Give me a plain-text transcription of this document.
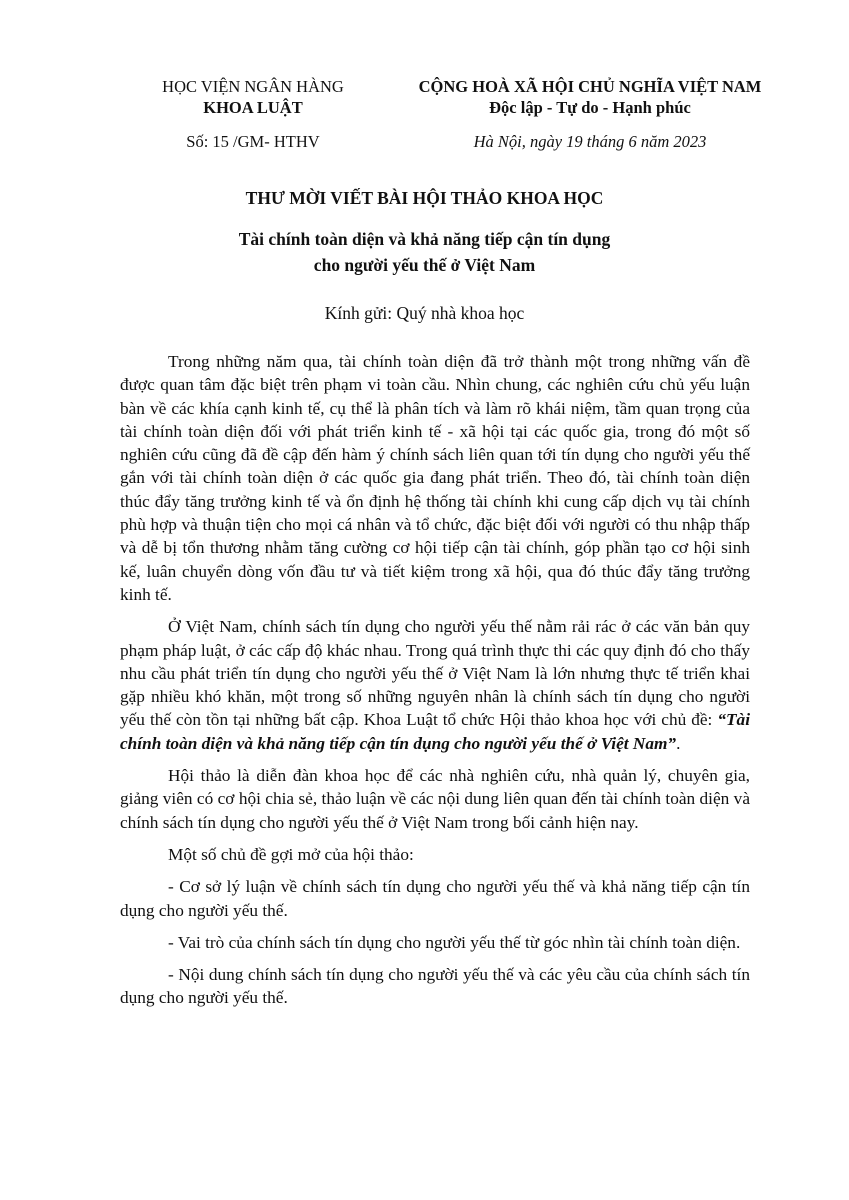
HỌC VIỆN NGÂN HÀNG
KHOA LUẬT
Số: 15 /GM- HTHV
CỘNG HOÀ XÃ HỘI CHỦ NGHĨA VIỆT NAM
Độc lập - Tự do - Hạnh phúc
Hà Nội, ngày 19 tháng 6 năm 2023
THƯ MỜI VIẾT BÀI HỘI THẢO KHOA HỌC
Tài chính toàn diện và khả năng tiếp cận tín dụng
cho người yếu thế ở Việt Nam
Kính gửi: Quý nhà khoa học

Trong những năm qua, tài chính toàn diện đã trở thành một trong những vấn đề được quan tâm đặc biệt trên phạm vi toàn cầu. Nhìn chung, các nghiên cứu chủ yếu luận bàn về các khía cạnh kinh tế, cụ thể là phân tích và làm rõ khái niệm, tầm quan trọng của tài chính toàn diện đối với phát triển kinh tế - xã hội tại các quốc gia, trong đó một số nghiên cứu cũng đã đề cập đến hàm ý chính sách liên quan tới tín dụng cho người yếu thế gắn với tài chính toàn diện ở các quốc gia đang phát triển. Theo đó, tài chính toàn diện thúc đẩy tăng trưởng kinh tế và ổn định hệ thống tài chính khi cung cấp dịch vụ tài chính phù hợp và thuận tiện cho mọi cá nhân và tổ chức, đặc biệt đối với người có thu nhập thấp và dễ bị tổn thương nhằm tăng cường cơ hội tiếp cận tài chính, góp phần tạo cơ hội sinh kế, luân chuyển dòng vốn đầu tư và tiết kiệm trong xã hội, qua đó thúc đẩy tăng trưởng kinh tế.

Ở Việt Nam, chính sách tín dụng cho người yếu thế nằm rải rác ở các văn bản quy phạm pháp luật, ở các cấp độ khác nhau. Trong quá trình thực thi các quy định đó cho thấy nhu cầu phát triển tín dụng cho người yếu thế ở Việt Nam là lớn nhưng thực tế triển khai gặp nhiều khó khăn, một trong số những nguyên nhân là chính sách tín dụng cho người yếu thế còn tồn tại những bất cập. Khoa Luật tổ chức Hội thảo khoa học với chủ đề: “Tài chính toàn diện và khả năng tiếp cận tín dụng cho người yếu thế ở Việt Nam”.

Hội thảo là diễn đàn khoa học để các nhà nghiên cứu, nhà quản lý, chuyên gia, giảng viên có cơ hội chia sẻ, thảo luận về các nội dung liên quan đến tài chính toàn diện và chính sách tín dụng cho người yếu thế ở Việt Nam trong bối cảnh hiện nay.

Một số chủ đề gợi mở của hội thảo:

- Cơ sở lý luận về chính sách tín dụng cho người yếu thế và khả năng tiếp cận tín dụng cho người yếu thế.

- Vai trò của chính sách tín dụng cho người yếu thế từ góc nhìn tài chính toàn diện.

- Nội dung chính sách tín dụng cho người yếu thế và các yêu cầu của chính sách tín dụng cho người yếu thế.
